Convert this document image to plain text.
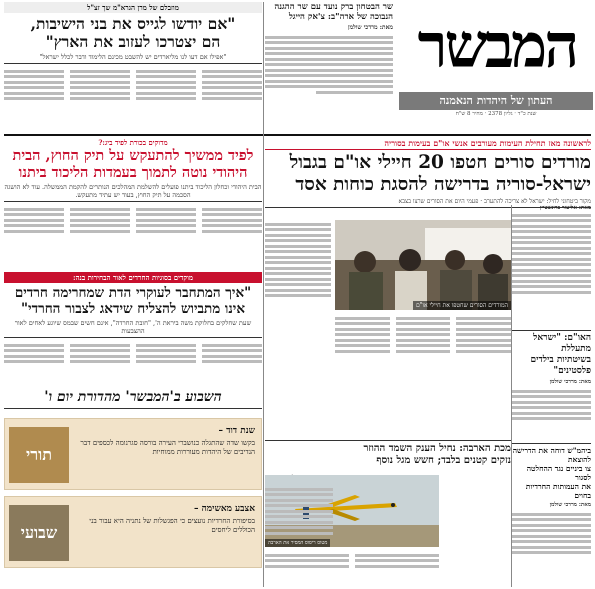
המבשר
העתון של היהדות הנאמנה
שנת כ"ד · גליון 2378 · מחיר 8 ש"ח
שר הבטחון ברק נועד עם שר ההגנה הנבוכה של ארה"ב: צ'אק הייגל
מאת: מרדכי שולמן
מוזבלם של מרן הגרא"מ שך זצ"ל
"אם יודשו לגייס את בני הישיבות,
הם יצטרכו לעזוב את הארץ"
"אפילו אם דעו לנו מליארדים יש להשבט מכינם הלימוד ודבר לכלל ישראל"
לראשונה מאז תחילת העימות מעורבים אנשי או"ם בעימות בסוריה
מורדים סורים חטפו 20 חיילי או"ם בגבול
ישראל-סוריה בדרישה להסגת כוחות אסד
מקור ביטחוני לחיל: ישראל לא צריכה להתערב · פעמי היום את הסורים שרצו בצבא
מדוקים בכורת לפיד ביג:?
לפיד ממשיך להתעקש על תיק החוץ, הבית
היהודי נוטה לתמוך בעמדות הליכוד ביתנו
הבית היהודי וכחלון הליכוד ביתנו פועלים להשלמת המהלכים הנותרים להקמת הממשלה. עוד לא הושגה הסכמה על תיק החוץ, בעוד יש עתיד מתעקש.
מוקדים בסוגיות החרדים לאור הבחירות בנה:
"איך המתחבר לעוקרי הדת שמחרימה חרדים
אינו מתביוש להצליח שידאג לצבור החרדי"
שעת שחלקים בחלוקת משה ביראת ה', "חובת החרדה", אינם חשים שבמס שיוגע לאחים לאור ההצבעות
מאת: אליעזר ברונשטיין
המורדים הסורים שחטפו את חיילי או"ם
האו"ם: "ישראל מתעללת
בשיטתיות בילדים פלסטינים"
מאת: מרדכי שולמן
השבוע ב'המבשר' מהדורת יום ו'
תורי
שנת דוד –
בקשו שדה שהתגלה כנושברי העירה בורסה סגרנומה לכספים דבר הנדיבים של היהדות מעוררות ממוחיות
שבועי
אצבע מאשימה –
בסיפורת החרדיות נועצים כי הפגשלות של נתניה היא עבור בני הכוללים ליחסים
מכת הארבה: נחיל הענק השמד ההוזר
נזקים קטנים בלבד; חשש מגל נוסף
מטוס ריסוס המסיר את הארבה
ביהמ"ש דוחה את הדרישה להוצאת
צו ביניים נגד ההחלטה לסגור
את העמותות החרדיות בחוים
מאת: מרדכי שולמן
